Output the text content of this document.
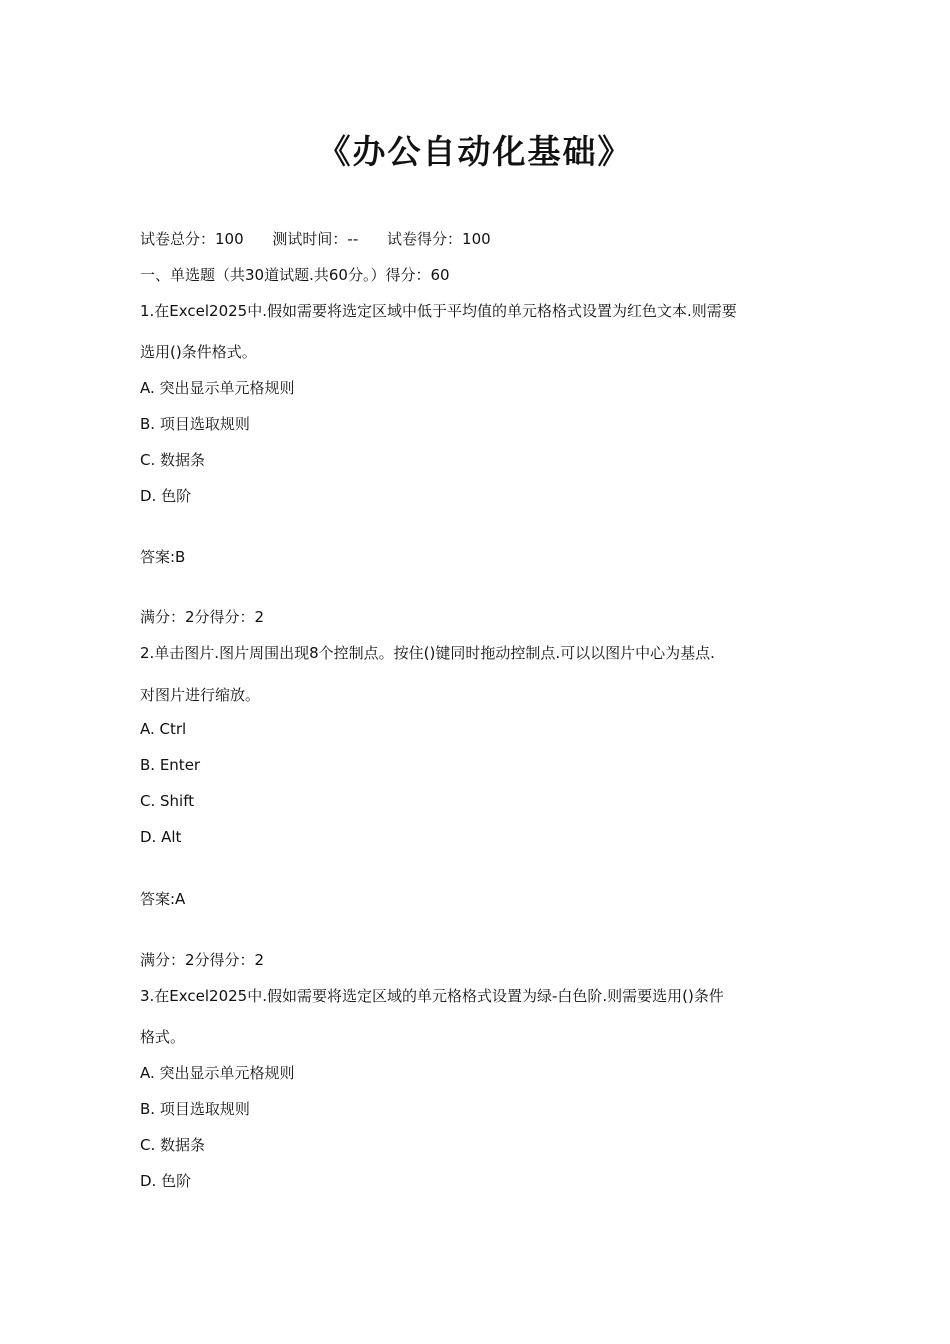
《办公自动化基础》
试卷总分：100 测试时间：-- 试卷得分：100
一、单选题（共30道试题.共60分。）得分：60
1.在Excel2025中.假如需要将选定区域中低于平均值的单元格格式设置为红色文本.则需要
选用()条件格式。
A. 突出显示单元格规则
B. 项目选取规则
C. 数据条
D. 色阶
答案:B
满分：2分得分：2
2.单击图片.图片周围出现8个控制点。按住()键同时拖动控制点.可以以图片中心为基点.
对图片进行缩放。
A. Ctrl
B. Enter
C. Shift
D. Alt
答案:A
满分：2分得分：2
3.在Excel2025中.假如需要将选定区域的单元格格式设置为绿-白色阶.则需要选用()条件
格式。
A. 突出显示单元格规则
B. 项目选取规则
C. 数据条
D. 色阶
